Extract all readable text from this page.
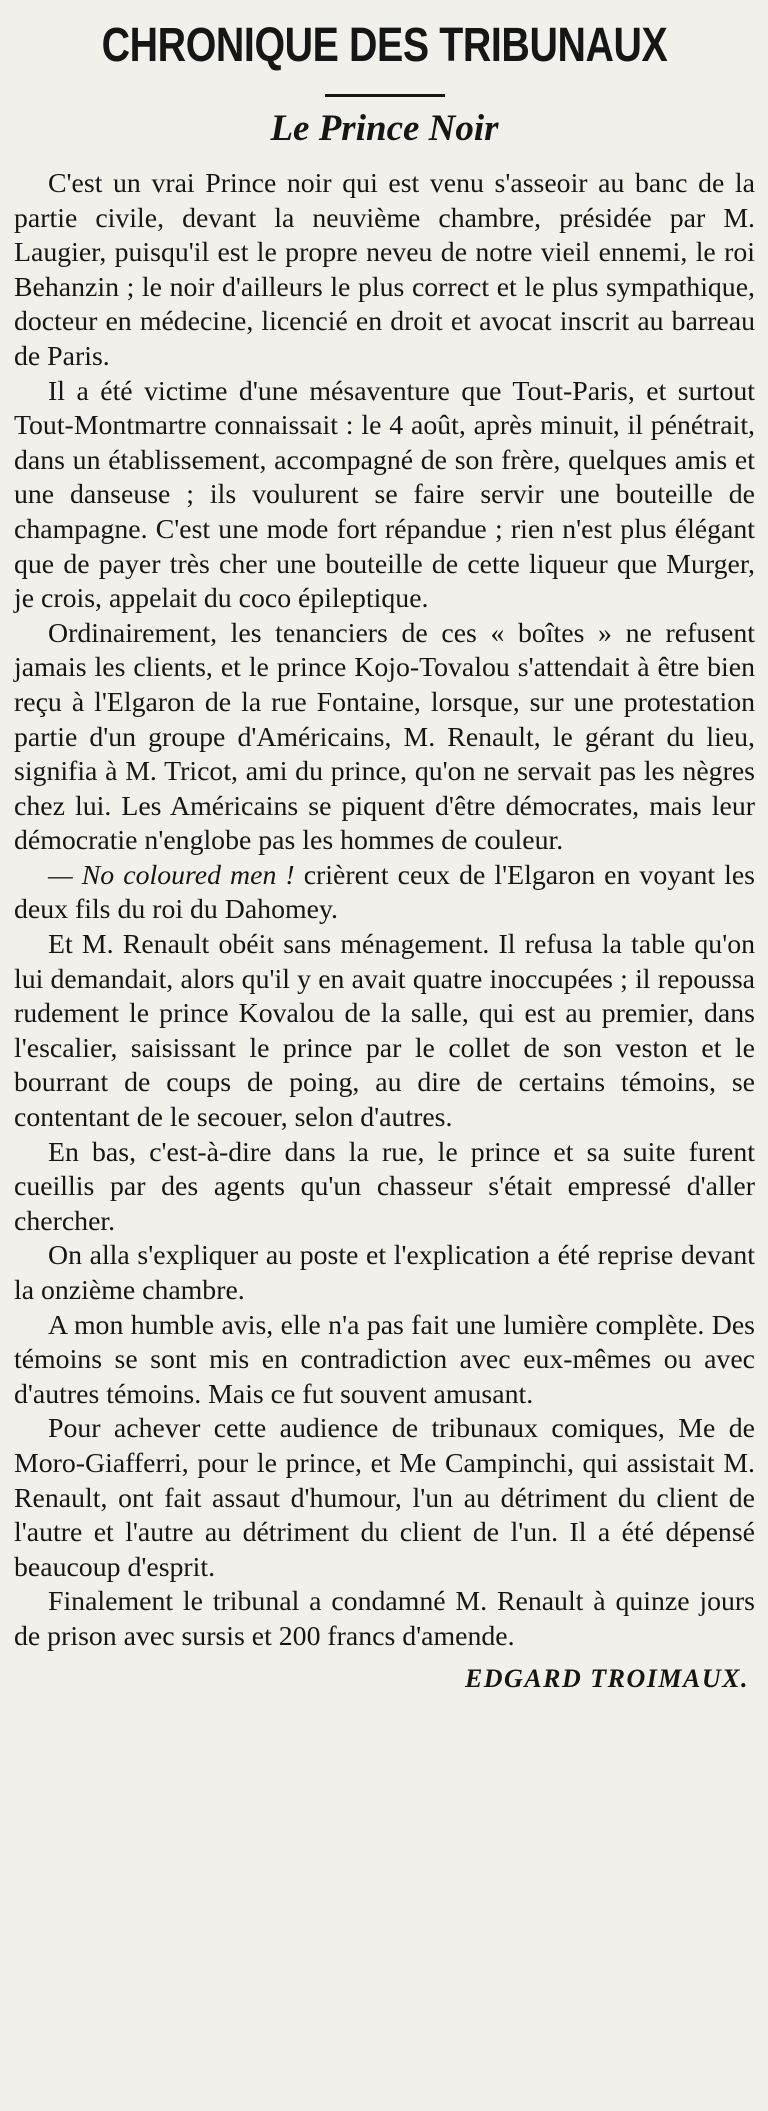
CHRONIQUE DES TRIBUNAUX
Le Prince Noir

C'est un vrai Prince noir qui est venu s'asseoir au banc de la partie civile, devant la neuvième chambre, présidée par M. Laugier, puisqu'il est le propre neveu de notre vieil ennemi, le roi Behanzin ; le noir d'ailleurs le plus correct et le plus sympathique, docteur en médecine, licencié en droit et avocat inscrit au barreau de Paris.

Il a été victime d'une mésaventure que Tout-Paris, et surtout Tout-Montmartre connaissait : le 4 août, après minuit, il pénétrait, dans un établissement, accompagné de son frère, quelques amis et une danseuse ; ils voulurent se faire servir une bouteille de champagne. C'est une mode fort répandue ; rien n'est plus élégant que de payer très cher une bouteille de cette liqueur que Murger, je crois, appelait du coco épileptique.

Ordinairement, les tenanciers de ces « boîtes » ne refusent jamais les clients, et le prince Kojo-Tovalou s'attendait à être bien reçu à l'Elgaron de la rue Fontaine, lorsque, sur une protestation partie d'un groupe d'Américains, M. Renault, le gérant du lieu, signifia à M. Tricot, ami du prince, qu'on ne servait pas les nègres chez lui. Les Américains se piquent d'être démocrates, mais leur démocratie n'englobe pas les hommes de couleur.

— No coloured men ! crièrent ceux de l'Elgaron en voyant les deux fils du roi du Dahomey.

Et M. Renault obéit sans ménagement. Il refusa la table qu'on lui demandait, alors qu'il y en avait quatre inoccupées ; il repoussa rudement le prince Kovalou de la salle, qui est au premier, dans l'escalier, saisissant le prince par le collet de son veston et le bourrant de coups de poing, au dire de certains témoins, se contentant de le secouer, selon d'autres.

En bas, c'est-à-dire dans la rue, le prince et sa suite furent cueillis par des agents qu'un chasseur s'était empressé d'aller chercher.

On alla s'expliquer au poste et l'explication a été reprise devant la onzième chambre.

A mon humble avis, elle n'a pas fait une lumière complète. Des témoins se sont mis en contradiction avec eux-mêmes ou avec d'autres témoins. Mais ce fut souvent amusant.

Pour achever cette audience de tribunaux comiques, Me de Moro-Giafferri, pour le prince, et Me Campinchi, qui assistait M. Renault, ont fait assaut d'humour, l'un au détriment du client de l'autre et l'autre au détriment du client de l'un. Il a été dépensé beaucoup d'esprit.

Finalement le tribunal a condamné M. Renault à quinze jours de prison avec sursis et 200 francs d'amende.

EDGARD TROIMAUX.
